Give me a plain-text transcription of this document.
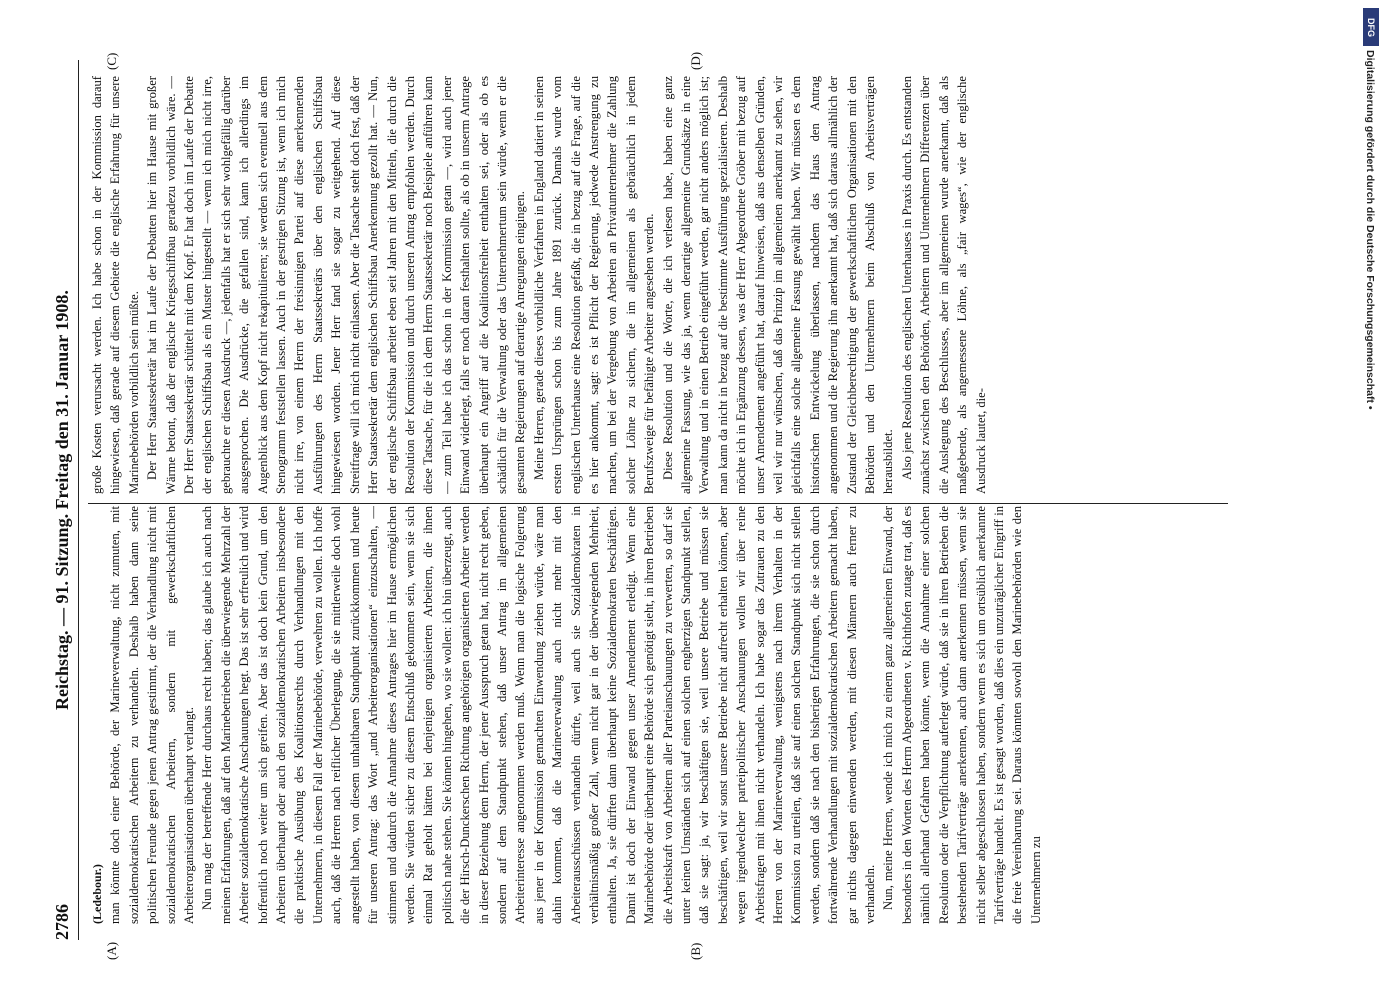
2786
Reichstag. — 91. Sitzung. Freitag den 31. Januar 1908.
(A)	(B)
(C)	(D)
(Ledebour.) man könnte doch einer Behörde, der Marineverwaltung, nicht zumuten, mit sozialdemokratischen Arbeitern zu verhandeln. Deshalb haben dann seine politischen Freunde gegen jenen Antrag gestimmt, der die Verhandlung nicht mit sozialdemokratischen Arbeitern, sondern mit gewerkschaftlichen Arbeiterorganisationen überhaupt verlangt. Nun mag der betreffende Herr durchaus recht haben; das glaube ich auch nach meinen Erfahrungen, daß auf den Marinebetrieben die überwiegende Mehrzahl der Arbeiter sozialdemokratische Anschauungen hegt. Das ist sehr erfreulich und wird hoffentlich noch weiter um sich greifen. Aber das ist doch kein Grund, um den Arbeitern überhaupt oder auch den sozialdemokratischen Arbeitern insbesondere die praktische Ausübung des Koalitionsrechts durch Verhandlungen mit den Unternehmern, in diesem Fall der Marinebehörde, verwehren zu wollen. Ich hoffe auch, daß die Herren nach reiflicher Überlegung, die sie mittlerweile doch wohl angestellt haben, von diesem unhaltbaren Standpunkt zurückkommen und heute für unseren Antrag: das Wort „und Arbeiterorganisationen“ einzuschalten, — stimmen und dadurch die Annahme dieses Antrages hier im Hause ermöglichen werden. Sie würden sicher zu diesem Entschluß gekommen sein, wenn sie sich einmal Rat geholt hätten bei denjenigen organisierten Arbeitern, die ihnen politisch nahe stehen. Sie können hingehen, wo sie wollen: ich bin überzeugt, auch die der Hirsch-Dunckerschen Richtung angehörigen organisierten Arbeiter werden in dieser Beziehung dem Herrn, der jener Ausspruch getan hat, nicht recht geben, sondern auf dem Standpunkt stehen, daß unser Antrag im allgemeinen Arbeiterinteresse angenommen werden muß. Wenn man die logische Folgerung aus jener in der Kommission gemachten Einwendung ziehen würde, wäre man dahin kommen, daß die Marineverwaltung auch nicht mehr mit den Arbeiterausschüssen verhandeln dürfte, weil auch sie Sozialdemokraten in verhältnismäßig großer Zahl, wenn nicht gar in der überwiegenden Mehrheit, enthalten. Ja, sie dürften dann überhaupt keine Sozialdemokraten beschäftigen. Damit ist doch der Einwand gegen unser Amendement erledigt. Wenn eine Marinebehörde oder überhaupt eine Behörde sich genötigt sieht, in ihren Betrieben die Arbeitskraft von Arbeitern aller Parteianschauungen zu verwerten, so darf sie unter keinen Umständen sich auf einen solchen engherzigen Standpunkt stellen, daß sie sagt: ja, wir beschäftigen sie, weil unsere Betriebe und müssen sie beschäftigen, weil wir sonst unsere Betriebe nicht aufrecht erhalten können, aber wegen irgendwelcher parteipolitischer Anschauungen wollen wir über reine Arbeitsfragen mit ihnen nicht verhandeln. Ich habe sogar das Zutrauen zu den Herren von der Marineverwaltung, wenigstens nach ihrem Verhalten in der Kommission zu urteilen, daß sie auf einen solchen Standpunkt sich nicht stellen werden, sondern daß sie nach den bisherigen Erfahrungen, die sie schon durch fortwährende Verhandlungen mit sozialdemokratischen Arbeitern gemacht haben, gar nichts dagegen einwenden werden, mit diesen Männern auch ferner zu verhandeln. Nun, meine Herren, wende ich mich zu einem ganz allgemeinen Einwand, der besonders in den Worten des Herrn Abgeordneten v. Richthofen zutage trat, daß es nämlich allerhand Gefahren haben könnte, wenn die Annahme einer solchen Resolution oder die Verpflichtung auferlegt würde, daß sie in ihren Betrieben die bestehenden Tarifverträge anerkennen, auch dann anerkennen müssen, wenn sie nicht selber abgeschlossen haben, sondern wenn es sich um ortsüblich anerkannte Tarifverträge handelt. Es ist gesagt worden, daß dies ein unzuträglicher Eingriff in die freie Vereinbarung sei. Daraus könnten sowohl den Marinebehörden wie den Unternehmern zu

große Kosten verursacht werden. Ich habe schon in der Kommission darauf hingewiesen, daß gerade auf diesem Gebiete die englische Erfahrung für unsere Marinebehörden vorbildlich sein müßte. Der Herr Staatssekretär hat im Laufe der Debatten hier im Hause mit großer Wärme betont, daß der englische Kriegsschiffbau geradezu vorbildlich wäre. — Der Herr Staatssekretär schüttelt mit dem Kopf. Er hat doch im Laufe der Debatte der englischen Schiffsbau als ein Muster hingestellt — wenn ich mich nicht irre, gebrauchte er diesen Ausdruck —, jedenfalls hat er sich sehr wohlgefällig darüber ausgesprochen. Die Ausdrücke, die gefallen sind, kann ich allerdings im Augenblick aus dem Kopf nicht rekapitulieren; sie werden sich eventuell aus dem Stenogramm feststellen lassen. Auch in der gestrigen Sitzung ist, wenn ich mich nicht irre, von einem Herrn der freisinnigen Partei auf diese anerkennenden Ausführungen des Herrn Staatssekretärs über den englischen Schiffsbau hingewiesen worden. Jener Herr fand sie sogar zu weitgehend. Auf diese Streitfrage will ich mich nicht einlassen. Aber die Tatsache steht doch fest, daß der Herr Staatssekretär dem englischen Schiffsbau Anerkennung gezollt hat. — Nun, der englische Schiffsbau arbeitet eben seit Jahren mit den Mitteln, die durch die Resolution der Kommission und durch unseren Antrag empfohlen werden. Durch diese Tatsache, für die ich dem Herrn Staatssekretär noch Beispiele anführen kann — zum Teil habe ich das schon in der Kommission getan —, wird auch jener Einwand widerlegt, falls er noch daran festhalten sollte, als ob in unserm Antrage überhaupt ein Angriff auf die Koalitionsfreiheit enthalten sei, oder als ob es schädlich für die Verwaltung oder das Unternehmertum sein würde, wenn er die gesamten Regierungen auf derartige Anregungen eingingen. Meine Herren, gerade dieses vorbildliche Verfahren in England datiert in seinen ersten Ursprüngen schon bis zum Jahre 1891 zurück. Damals wurde vom englischen Unterhause eine Resolution gefaßt, die in bezug auf die Frage, auf die es hier ankommt, sagt: es ist Pflicht der Regierung, jedwede Anstrengung zu machen, um bei der Vergebung von Arbeiten an Privatunternehmer die Zahlung solcher Löhne zu sichern, die im allgemeinen als gebräuchlich in jedem Berufszweige für befähigte Arbeiter angesehen werden. Diese Resolution und die Worte, die ich verlesen habe, haben eine ganz allgemeine Fassung, wie das ja, wenn derartige allgemeine Grundsätze in eine Verwaltung und in einen Betrieb eingeführt werden, gar nicht anders möglich ist; man kann da nicht in bezug auf die bestimmte Ausführung spezialisieren. Deshalb möchte ich in Ergänzung dessen, was der Herr Abgeordnete Gröber mit bezug auf unser Amendement angeführt hat, darauf hinweisen, daß aus denselben Gründen, weil wir nur wünschen, daß das Prinzip im allgemeinen anerkannt zu sehen, wir gleichfalls eine solche allgemeine Fassung gewählt haben. Wir müssen es dem historischen Entwickelung überlassen, nachdem das Haus den Antrag angenommen und die Regierung ihn anerkannt hat, daß sich daraus allmählich der Zustand der Gleichberechtigung der gewerkschaftlichen Organisationen mit den Behörden und den Unternehmern beim Abschluß von Arbeitsverträgen herausbildet. Also jene Resolution des englischen Unterhauses in Praxis durch. Es entstanden zunächst zwischen den Behörden, Arbeitern und Unternehmern Differenzen über die Auslegung des Beschlusses, aber im allgemeinen wurde anerkannt, daß als maßgebende, als angemessene Löhne, als „fair wages“, wie der englische Ausdruck lautet, die-

DFG
Digitalisierung gefördert durch die Deutsche Forschungsgemeinschaft •
